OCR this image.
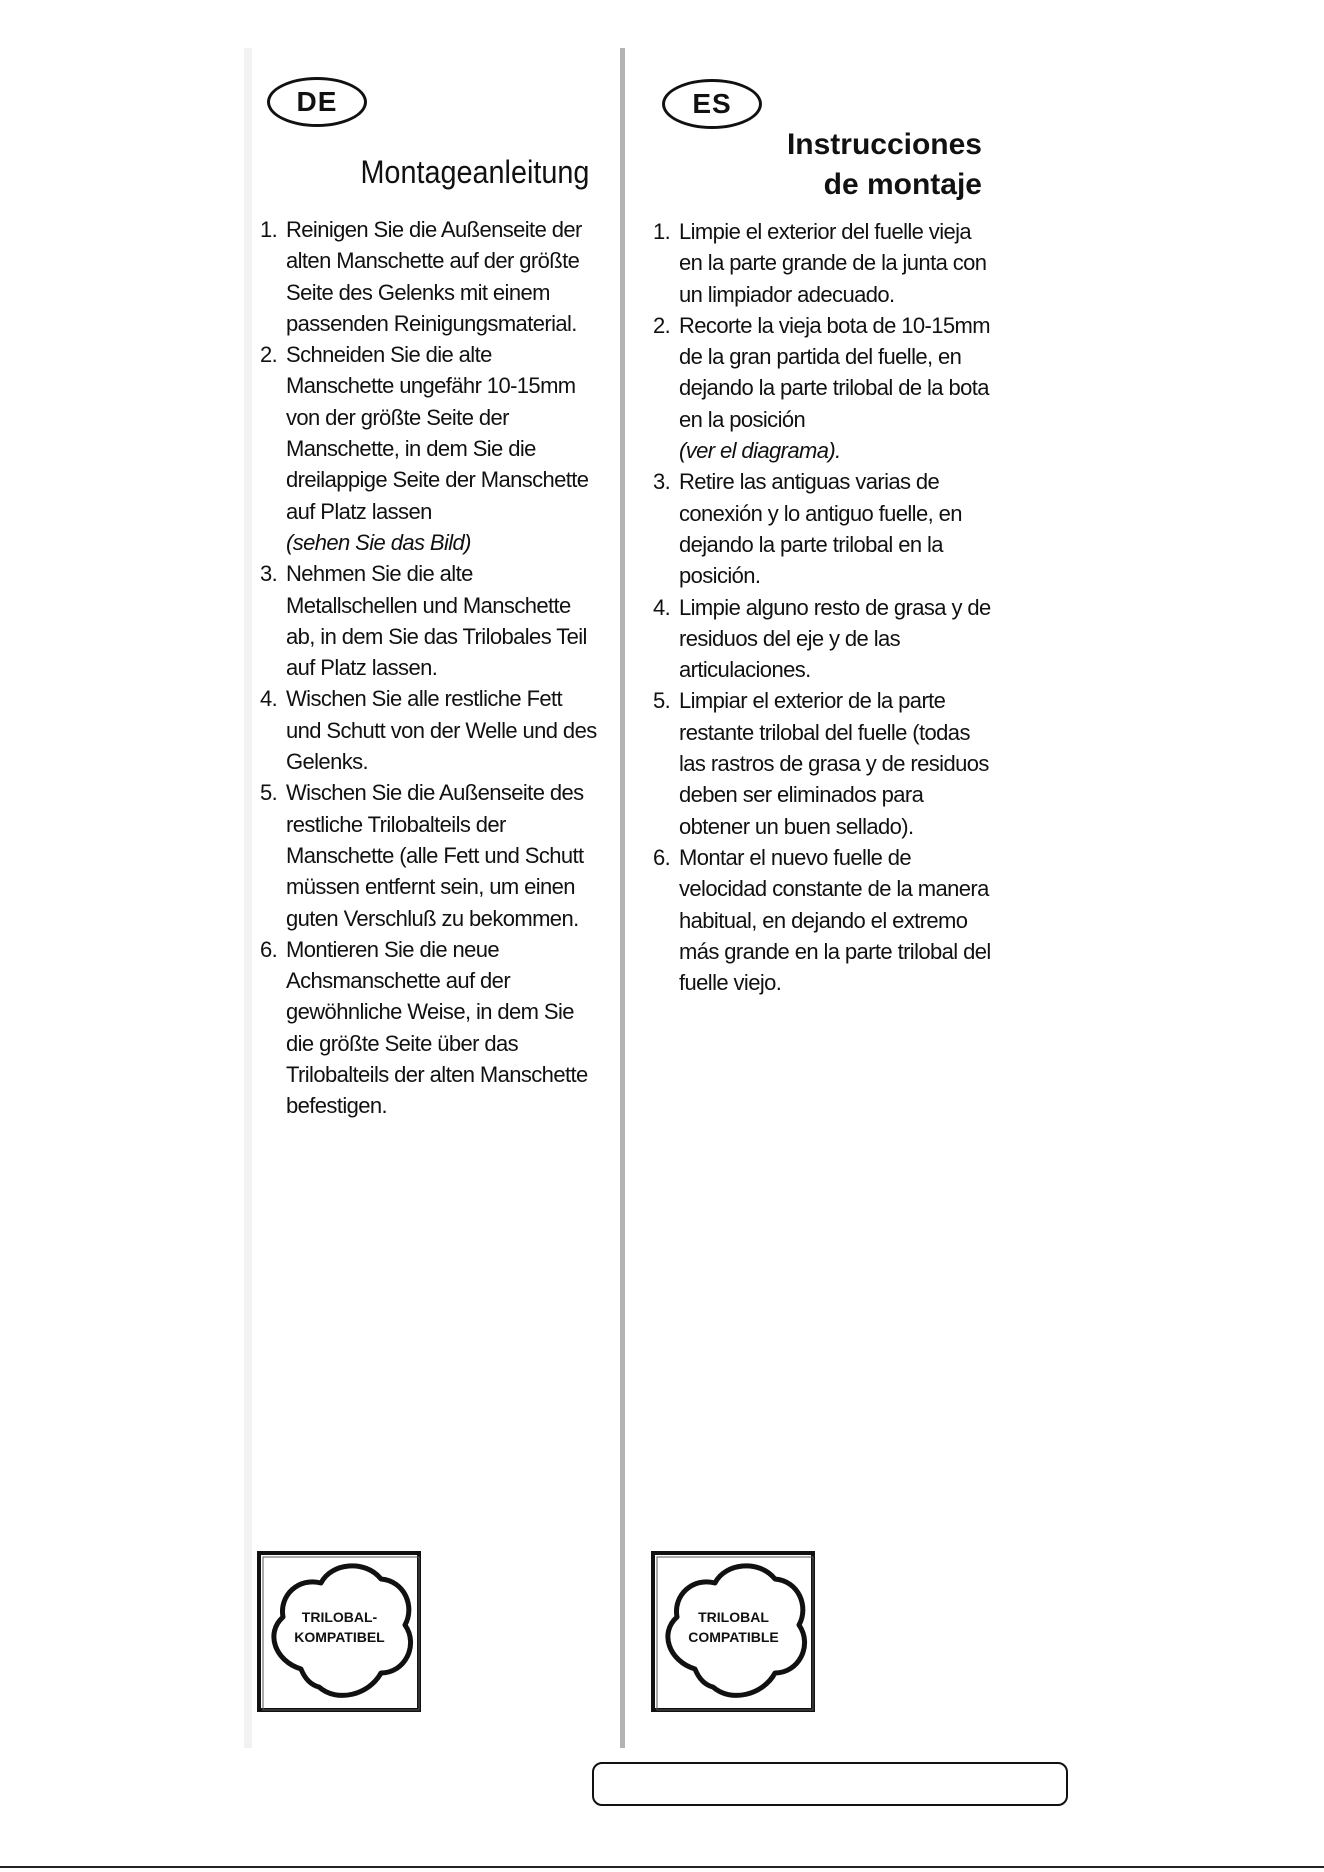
DE
Montageanleitung
1. Reinigen Sie die Außenseite der alten Manschette auf der größte Seite des Gelenks mit einem passenden Reinigungsmaterial.
2. Schneiden Sie die alte Manschette ungefähr 10-15mm von der größte Seite der Manschette, in dem Sie die dreilappige Seite der Manschette auf Platz lassen
(sehen Sie das Bild)
3. Nehmen Sie die alte Metallschellen und Manschette ab, in dem Sie das Trilobales Teil auf Platz lassen.
4. Wischen Sie alle restliche Fett und Schutt von der Welle und des Gelenks.
5. Wischen Sie die Außenseite des restliche Trilobalteils der Manschette (alle Fett und Schutt müssen entfernt sein, um einen guten Verschluß zu bekommen.
6. Montieren Sie die neue Achsmanschette auf der gewöhnliche Weise, in dem Sie die größte Seite über das Trilobalteils der alten Manschette befestigen.
TRILOBAL-
KOMPATIBEL
ES
Instrucciones
de montaje
1. Limpie el exterior del fuelle vieja en la parte grande de la junta con un limpiador adecuado.
2. Recorte la vieja bota de 10-15mm de la gran partida del fuelle, en dejando la parte trilobal de la bota en la posición
(ver el diagrama).
3. Retire las antiguas varias de conexión y lo antiguo fuelle, en dejando la parte trilobal en la posición.
4. Limpie alguno resto de grasa y de residuos del eje y de las articulaciones.
5. Limpiar el exterior de la parte restante trilobal del fuelle (todas las rastros de grasa y de residuos deben ser eliminados para obtener un buen sellado).
6. Montar el nuevo fuelle de velocidad constante de la manera habitual, en dejando el extremo más grande en la parte trilobal del fuelle viejo.
TRILOBAL
COMPATIBLE
